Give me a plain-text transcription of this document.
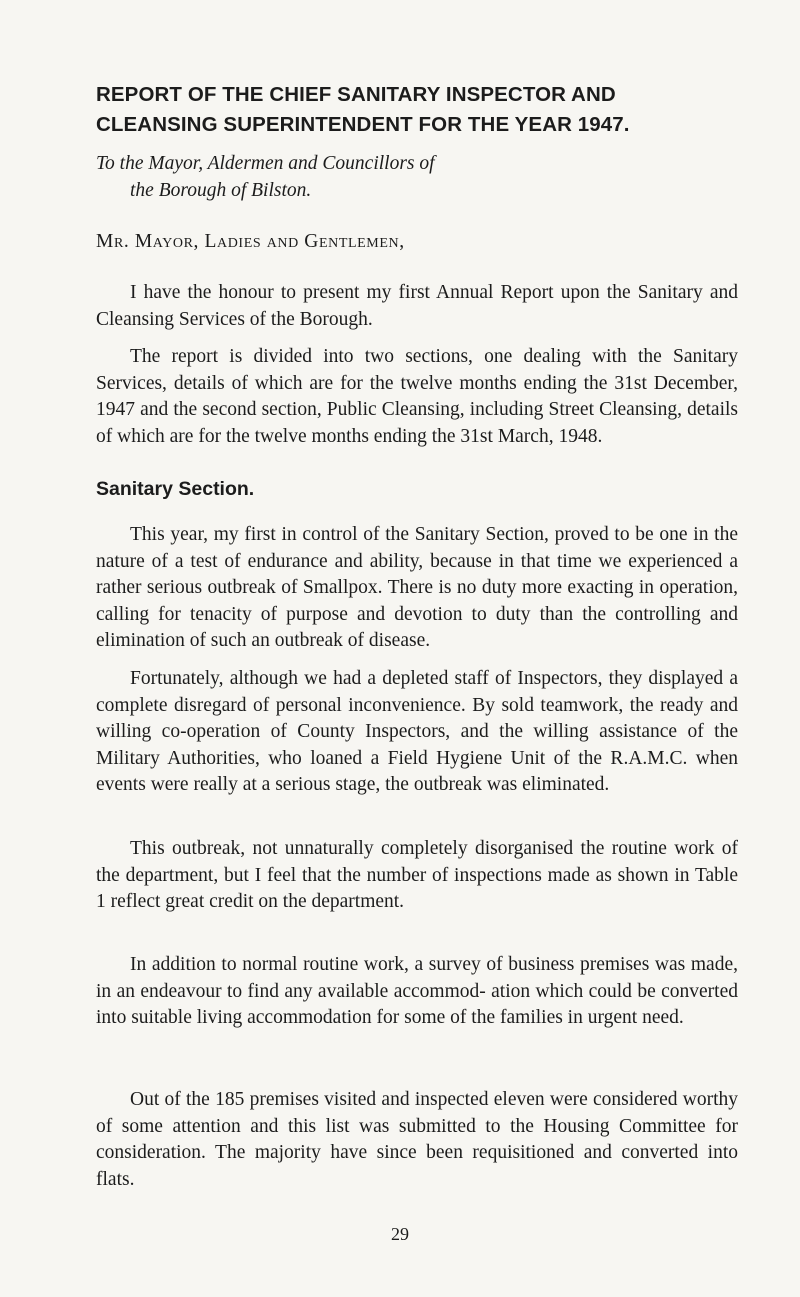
REPORT OF THE CHIEF SANITARY INSPECTOR AND
CLEANSING SUPERINTENDENT FOR THE YEAR 1947.
To the Mayor, Aldermen and Councillors of
the Borough of Bilston.
Mr. Mayor, Ladies and Gentlemen,

I have the honour to present my first Annual Report upon the Sanitary and Cleansing Services of the Borough.

The report is divided into two sections, one dealing with the Sanitary Services, details of which are for the twelve months ending the 31st December, 1947 and the second section, Public Cleansing, including Street Cleansing, details of which are for the twelve months ending the 31st March, 1948.

Sanitary Section.

This year, my first in control of the Sanitary Section, proved to be one in the nature of a test of endurance and ability, because in that time we experienced a rather serious outbreak of Smallpox. There is no duty more exacting in operation, calling for tenacity of purpose and devotion to duty than the controlling and elimination of such an outbreak of disease.

Fortunately, although we had a depleted staff of Inspectors, they displayed a complete disregard of personal inconvenience. By sold teamwork, the ready and willing co-operation of County Inspectors, and the willing assistance of the Military Authorities, who loaned a Field Hygiene Unit of the R.A.M.C. when events were really at a serious stage, the outbreak was eliminated.

This outbreak, not unnaturally completely disorganised the routine work of the department, but I feel that the number of inspections made as shown in Table 1 reflect great credit on the department.

In addition to normal routine work, a survey of business premises was made, in an endeavour to find any available accommod- ation which could be converted into suitable living accommodation for some of the families in urgent need.

Out of the 185 premises visited and inspected eleven were considered worthy of some attention and this list was submitted to the Housing Committee for consideration. The majority have since been requisitioned and converted into flats.

29
